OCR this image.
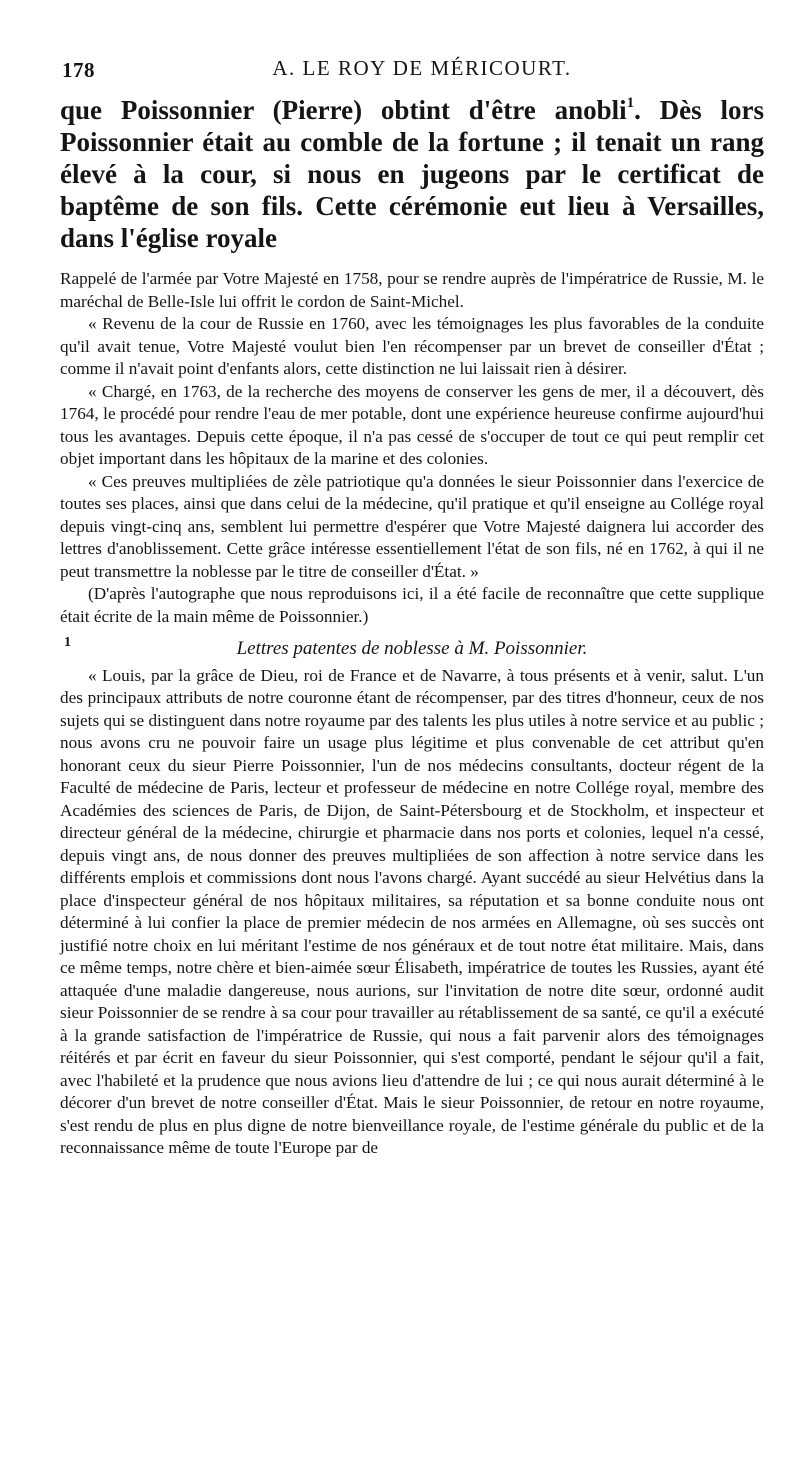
178	A. LE ROY DE MÉRICOURT.

que Poissonnier (Pierre) obtint d'être anobli$^1$. Dès lors Poissonnier était au comble de la fortune ; il tenait un rang élevé à la cour, si nous en jugeons par le certificat de baptême de son fils. Cette cérémonie eut lieu à Versailles, dans l'église royale

Rappelé de l'armée par Votre Majesté en 1758, pour se rendre auprès de l'impératrice de Russie, M. le maréchal de Belle-Isle lui offrit le cordon de Saint-Michel.

« Revenu de la cour de Russie en 1760, avec les témoignages les plus favorables de la conduite qu'il avait tenue, Votre Majesté voulut bien l'en récompenser par un brevet de conseiller d'État ; comme il n'avait point d'enfants alors, cette distinction ne lui laissait rien à désirer.

« Chargé, en 1763, de la recherche des moyens de conserver les gens de mer, il a découvert, dès 1764, le procédé pour rendre l'eau de mer potable, dont une expérience heureuse confirme aujourd'hui tous les avantages. Depuis cette époque, il n'a pas cessé de s'occuper de tout ce qui peut remplir cet objet important dans les hôpitaux de la marine et des colonies.

« Ces preuves multipliées de zèle patriotique qu'a données le sieur Poissonnier dans l'exercice de toutes ses places, ainsi que dans celui de la médecine, qu'il pratique et qu'il enseigne au Collége royal depuis vingt-cinq ans, semblent lui permettre d'espérer que Votre Majesté daignera lui accorder des lettres d'anoblissement. Cette grâce intéresse essentiellement l'état de son fils, né en 1762, à qui il ne peut transmettre la noblesse par le titre de conseiller d'État. »

(D'après l'autographe que nous reproduisons ici, il a été facile de reconnaître que cette supplique était écrite de la main même de Poissonnier.)

1	Lettres patentes de noblesse à M. Poissonnier.

« Louis, par la grâce de Dieu, roi de France et de Navarre, à tous présents et à venir, salut. L'un des principaux attributs de notre couronne étant de récompenser, par des titres d'honneur, ceux de nos sujets qui se distinguent dans notre royaume par des talents les plus utiles à notre service et au public ; nous avons cru ne pouvoir faire un usage plus légitime et plus convenable de cet attribut qu'en honorant ceux du sieur Pierre Poissonnier, l'un de nos médecins consultants, docteur régent de la Faculté de médecine de Paris, lecteur et professeur de médecine en notre Collége royal, membre des Académies des sciences de Paris, de Dijon, de Saint-Pétersbourg et de Stockholm, et inspecteur et directeur général de la médecine, chirurgie et pharmacie dans nos ports et colonies, lequel n'a cessé, depuis vingt ans, de nous donner des preuves multipliées de son affection à notre service dans les différents emplois et commissions dont nous l'avons chargé. Ayant succédé au sieur Helvétius dans la place d'inspecteur général de nos hôpitaux militaires, sa réputation et sa bonne conduite nous ont déterminé à lui confier la place de premier médecin de nos armées en Allemagne, où ses succès ont justifié notre choix en lui méritant l'estime de nos généraux et de tout notre état militaire. Mais, dans ce même temps, notre chère et bien-aimée sœur Élisabeth, impératrice de toutes les Russies, ayant été attaquée d'une maladie dangereuse, nous aurions, sur l'invitation de notre dite sœur, ordonné audit sieur Poissonnier de se rendre à sa cour pour travailler au rétablissement de sa santé, ce qu'il a exécuté à la grande satisfaction de l'impératrice de Russie, qui nous a fait parvenir alors des témoignages réitérés et par écrit en faveur du sieur Poissonnier, qui s'est comporté, pendant le séjour qu'il a fait, avec l'habileté et la prudence que nous avions lieu d'attendre de lui ; ce qui nous aurait déterminé à le décorer d'un brevet de notre conseiller d'État. Mais le sieur Poissonnier, de retour en notre royaume, s'est rendu de plus en plus digne de notre bienveillance royale, de l'estime générale du public et de la reconnaissance même de toute l'Europe par de
